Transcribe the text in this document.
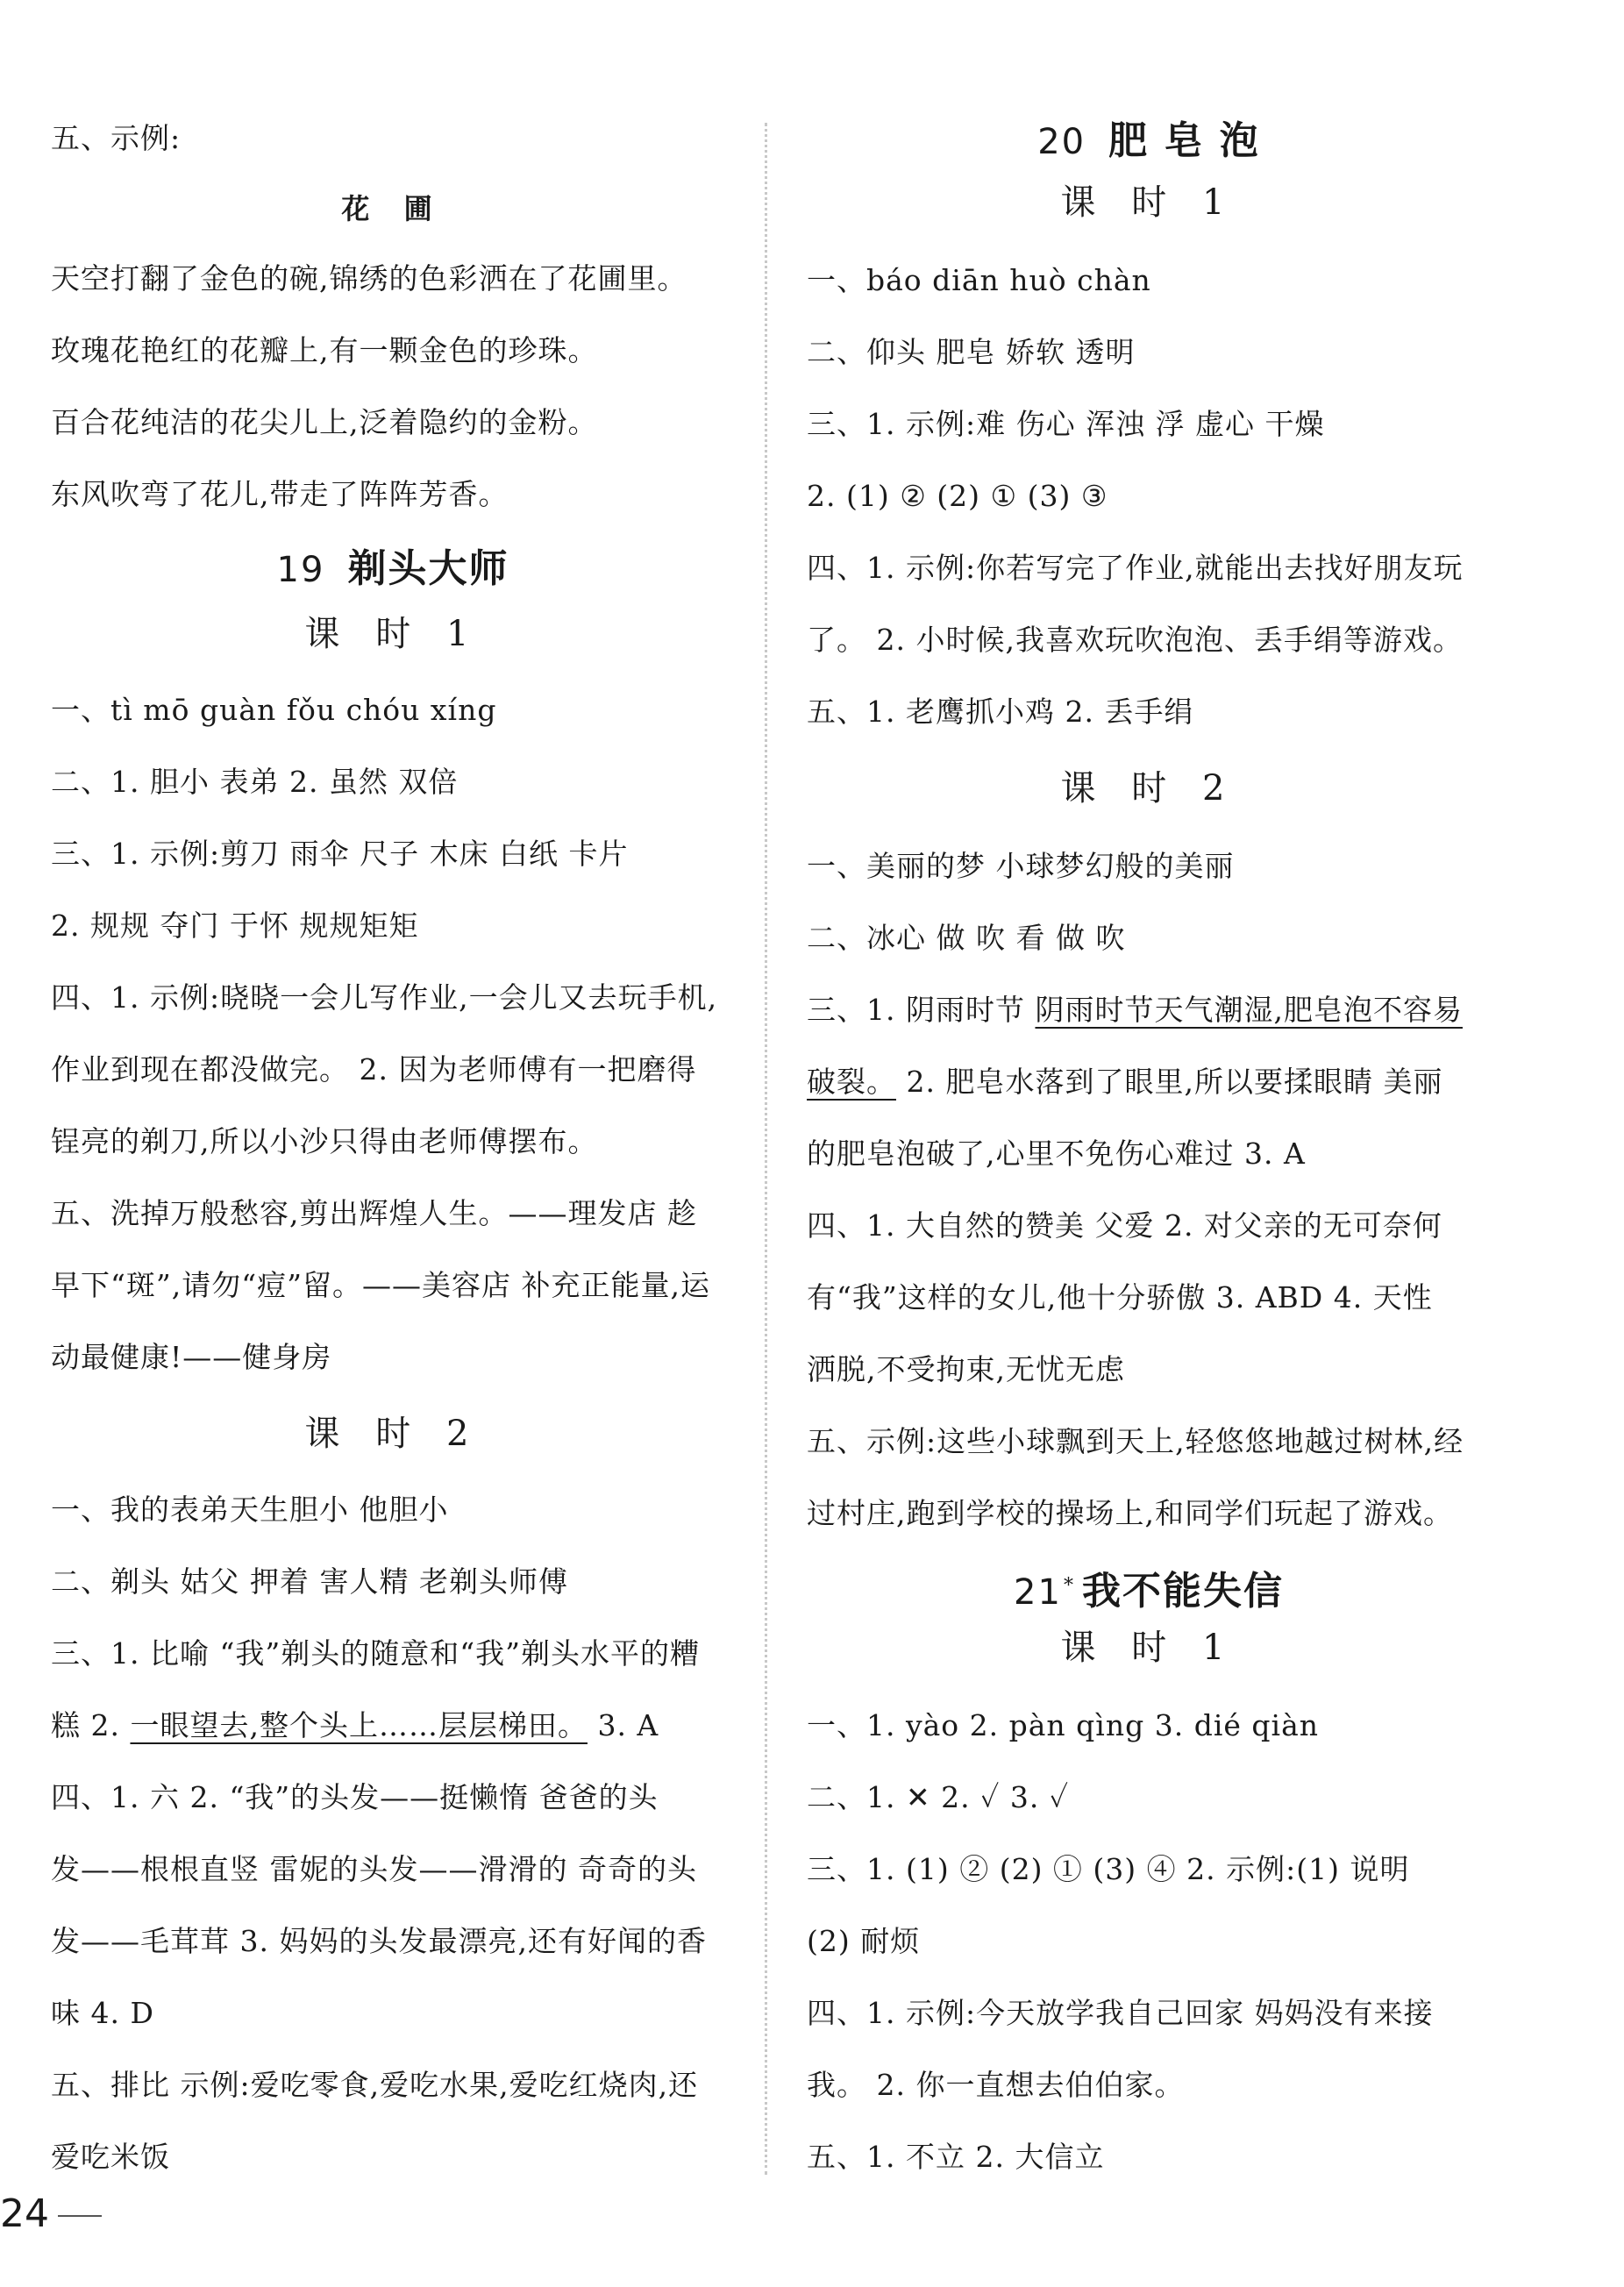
五、示例:
花 圃
天空打翻了金色的碗,锦绣的色彩洒在了花圃里。
玫瑰花艳红的花瓣上,有一颗金色的珍珠。
百合花纯洁的花尖儿上,泛着隐约的金粉。
东风吹弯了花儿,带走了阵阵芳香。
19 剃头大师
课 时 1
一、tì mō guàn fǒu chóu xíng
二、1. 胆小 表弟 2. 虽然 双倍
三、1. 示例:剪刀 雨伞 尺子 木床 白纸 卡片
2. 规规 夺门 于怀 规规矩矩
四、1. 示例:晓晓一会儿写作业,一会儿又去玩手机,
作业到现在都没做完。 2. 因为老师傅有一把磨得
锃亮的剃刀,所以小沙只得由老师傅摆布。
五、洗掉万般愁容,剪出辉煌人生。——理发店 趁
早下“斑”,请勿“痘”留。——美容店 补充正能量,运
动最健康!——健身房
课 时 2
一、我的表弟天生胆小 他胆小
二、剃头 姑父 押着 害人精 老剃头师傅
三、1. 比喻 “我”剃头的随意和“我”剃头水平的糟
糕 2. 一眼望去,整个头上……层层梯田。 3. A
四、1. 六 2. “我”的头发——挺懒惰 爸爸的头
发——根根直竖 雷妮的头发——滑滑的 奇奇的头
发——毛茸茸 3. 妈妈的头发最漂亮,还有好闻的香
味 4. D
五、排比 示例:爱吃零食,爱吃水果,爱吃红烧肉,还
爱吃米饭
20 肥 皂 泡
课 时 1
一、báo diān huò chàn
二、仰头 肥皂 娇软 透明
三、1. 示例:难 伤心 浑浊 浮 虚心 干燥
2. (1) ② (2) ① (3) ③
四、1. 示例:你若写完了作业,就能出去找好朋友玩
了。 2. 小时候,我喜欢玩吹泡泡、丢手绢等游戏。
五、1. 老鹰抓小鸡 2. 丢手绢
课 时 2
一、美丽的梦 小球梦幻般的美丽
二、冰心 做 吹 看 做 吹
三、1. 阴雨时节 阴雨时节天气潮湿,肥皂泡不容易
破裂。 2. 肥皂水落到了眼里,所以要揉眼睛 美丽
的肥皂泡破了,心里不免伤心难过 3. A
四、1. 大自然的赞美 父爱 2. 对父亲的无可奈何
有“我”这样的女儿,他十分骄傲 3. ABD 4. 天性
洒脱,不受拘束,无忧无虑
五、示例:这些小球飘到天上,轻悠悠地越过树林,经
过村庄,跑到学校的操场上,和同学们玩起了游戏。
21* 我不能失信
课 时 1
一、1. yào 2. pàn qìng 3. dié qiàn
二、1. ✕ 2. ✓ 3. ✓
三、1. (1) ② (2) ① (3) ④ 2. 示例:(1) 说明
(2) 耐烦
四、1. 示例:今天放学我自己回家 妈妈没有来接
我。 2. 你一直想去伯伯家。
五、1. 不立 2. 大信立
24
